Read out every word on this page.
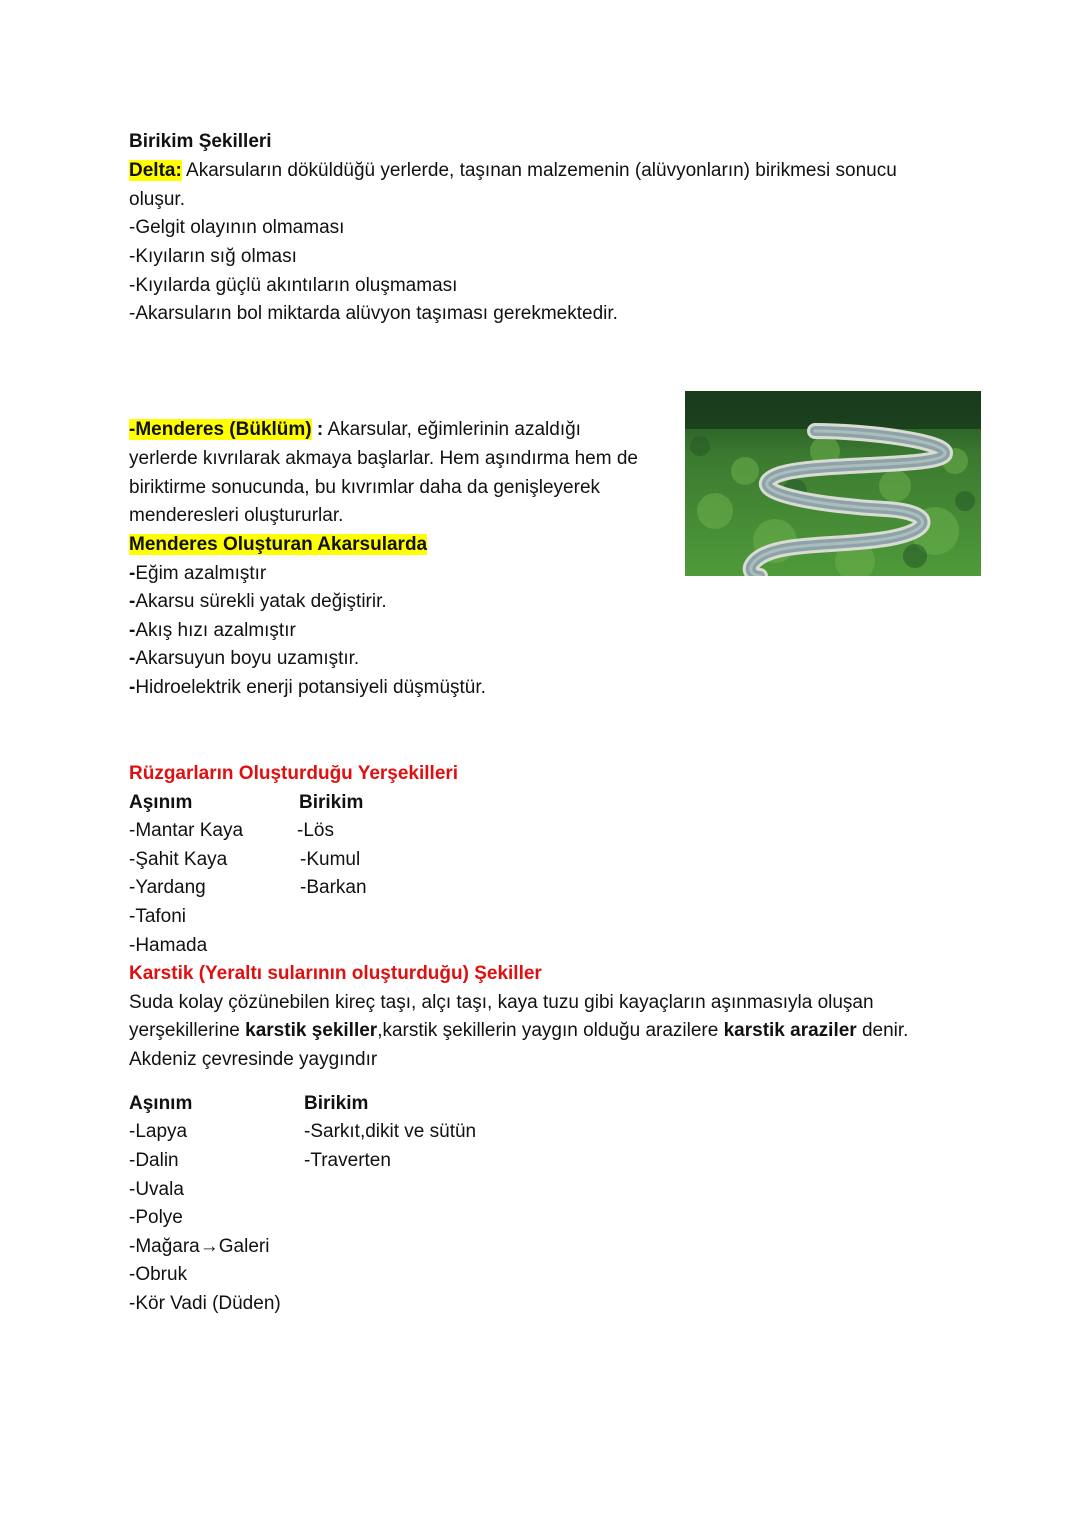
Birikim Şekilleri

Delta: Akarsuların döküldüğü yerlerde, taşınan malzemenin (alüvyonların) birikmesi sonucu

oluşur.

-Gelgit olayının olmaması

-Kıyıların sığ olması

-Kıyılarda güçlü akıntıların oluşmaması

-Akarsuların bol miktarda alüvyon taşıması gerekmektedir.

-Menderes (Büklüm) : Akarsular, eğimlerinin azaldığı

yerlerde kıvrılarak akmaya başlarlar. Hem aşındırma hem de

biriktirme sonucunda, bu kıvrımlar daha da genişleyerek

menderesleri oluştururlar.

Menderes Oluşturan Akarsularda

-Eğim azalmıştır

-Akarsu sürekli yatak değiştirir.

-Akış hızı azalmıştır

-Akarsuyun boyu uzamıştır.

-Hidroelektrik enerji potansiyeli düşmüştür.

Rüzgarların Oluşturduğu Yerşekilleri

Aşınım	Birikim

-Mantar Kaya

-Şahit Kaya

-Yardang

-Tafoni

-Hamada

-Lös

-Kumul

-Barkan

Karstik (Yeraltı sularının oluşturduğu) Şekiller

Suda kolay çözünebilen kireç taşı, alçı taşı, kaya tuzu gibi kayaçların aşınmasıyla oluşan

yerşekillerine karstik şekiller,karstik şekillerin yaygın olduğu arazilere karstik araziler denir.

Akdeniz çevresinde yaygındır

Aşınım	Birikim

-Lapya

-Dalin

-Uvala

-Polye

-Mağara→Galeri

-Obruk

-Kör Vadi (Düden)

-Sarkıt,dikit ve sütün

-Traverten
